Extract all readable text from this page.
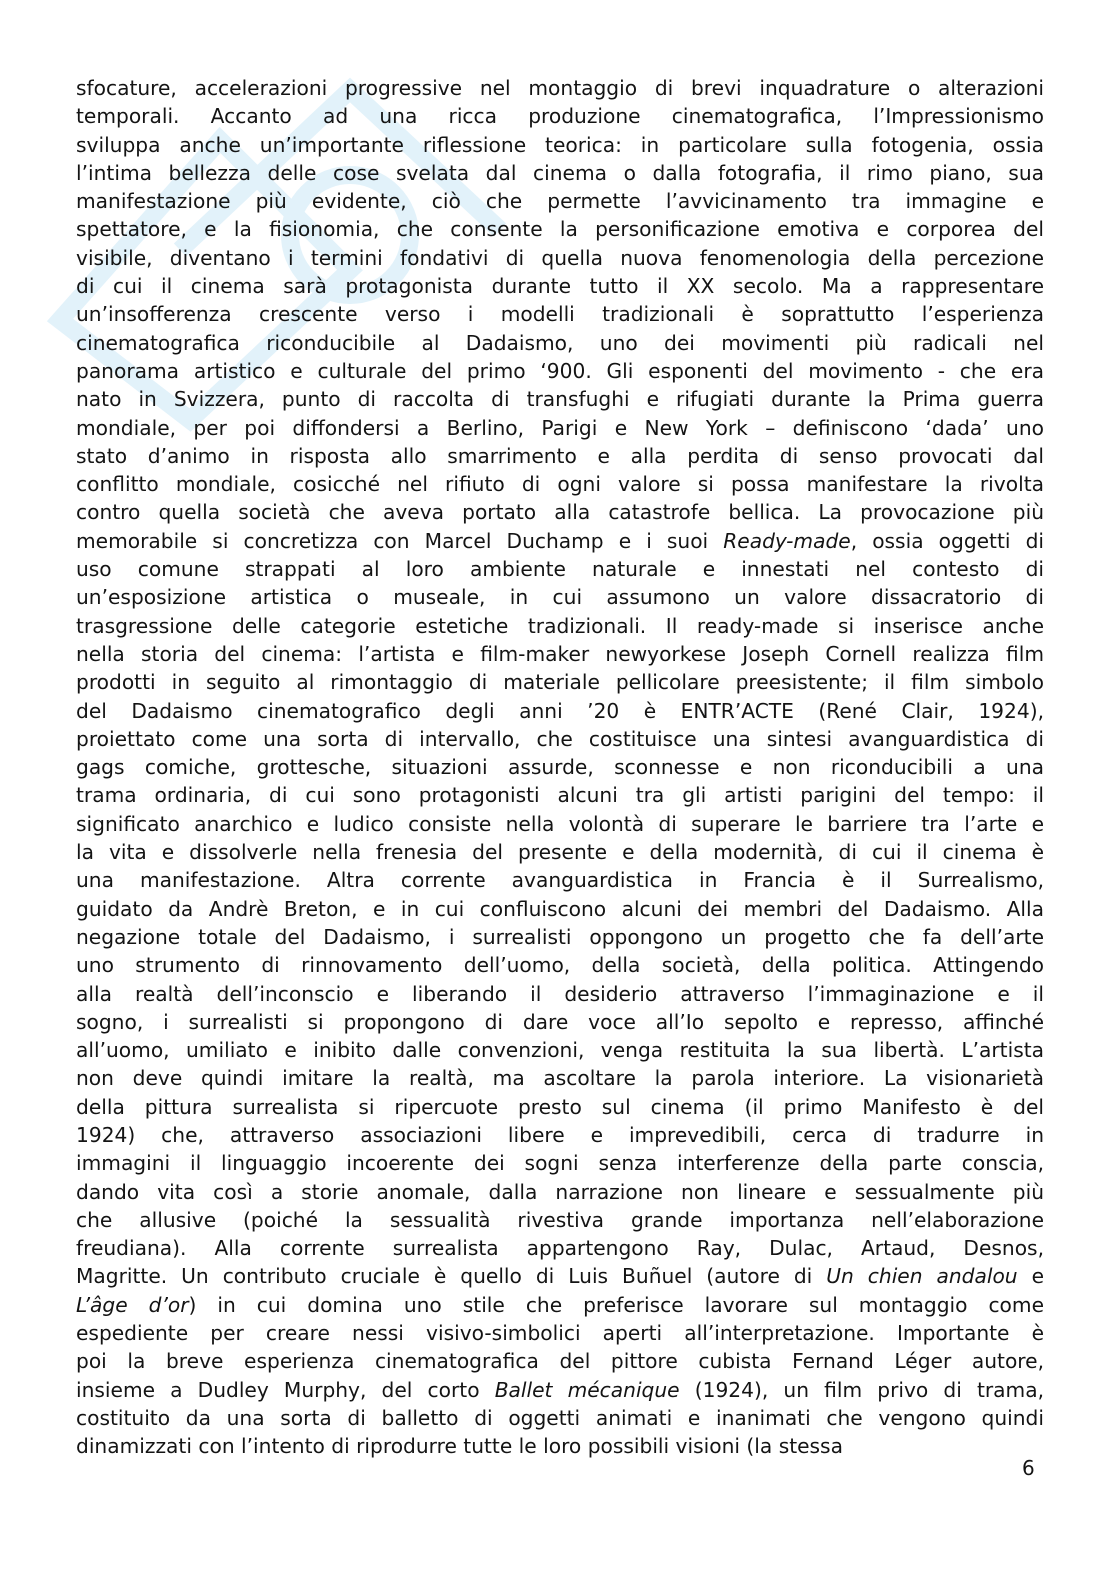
sfocature, accelerazioni progressive nel montaggio di brevi inquadrature o alterazioni
temporali. Accanto ad una ricca produzione cinematografica, l’Impressionismo
sviluppa anche un’importante riflessione teorica: in particolare sulla fotogenia, ossia
l’intima bellezza delle cose svelata dal cinema o dalla fotografia, il rimo piano, sua
manifestazione più evidente, ciò che permette l’avvicinamento tra immagine e
spettatore, e la fisionomia, che consente la personificazione emotiva e corporea del
visibile, diventano i termini fondativi di quella nuova fenomenologia della percezione
di cui il cinema sarà protagonista durante tutto il XX secolo. Ma a rappresentare
un’insofferenza crescente verso i modelli tradizionali è soprattutto l’esperienza
cinematografica riconducibile al Dadaismo, uno dei movimenti più radicali nel
panorama artistico e culturale del primo ‘900. Gli esponenti del movimento - che era
nato in Svizzera, punto di raccolta di transfughi e rifugiati durante la Prima guerra
mondiale, per poi diffondersi a Berlino, Parigi e New York – definiscono ‘dada’ uno
stato d’animo in risposta allo smarrimento e alla perdita di senso provocati dal
conflitto mondiale, cosicché nel rifiuto di ogni valore si possa manifestare la rivolta
contro quella società che aveva portato alla catastrofe bellica. La provocazione più
memorabile si concretizza con Marcel Duchamp e i suoi Ready-made, ossia oggetti di
uso comune strappati al loro ambiente naturale e innestati nel contesto di
un’esposizione artistica o museale, in cui assumono un valore dissacratorio di
trasgressione delle categorie estetiche tradizionali. Il ready-made si inserisce anche
nella storia del cinema: l’artista e film-maker newyorkese Joseph Cornell realizza film
prodotti in seguito al rimontaggio di materiale pellicolare preesistente; il film simbolo
del Dadaismo cinematografico degli anni ’20 è ENTR’ACTE (René Clair, 1924),
proiettato come una sorta di intervallo, che costituisce una sintesi avanguardistica di
gags comiche, grottesche, situazioni assurde, sconnesse e non riconducibili a una
trama ordinaria, di cui sono protagonisti alcuni tra gli artisti parigini del tempo: il
significato anarchico e ludico consiste nella volontà di superare le barriere tra l’arte e
la vita e dissolverle nella frenesia del presente e della modernità, di cui il cinema è
una manifestazione. Altra corrente avanguardistica in Francia è il Surrealismo,
guidato da Andrè Breton, e in cui confluiscono alcuni dei membri del Dadaismo. Alla
negazione totale del Dadaismo, i surrealisti oppongono un progetto che fa dell’arte
uno strumento di rinnovamento dell’uomo, della società, della politica. Attingendo
alla realtà dell’inconscio e liberando il desiderio attraverso l’immaginazione e il
sogno, i surrealisti si propongono di dare voce all’Io sepolto e represso, affinché
all’uomo, umiliato e inibito dalle convenzioni, venga restituita la sua libertà. L’artista
non deve quindi imitare la realtà, ma ascoltare la parola interiore. La visionarietà
della pittura surrealista si ripercuote presto sul cinema (il primo Manifesto è del
1924) che, attraverso associazioni libere e imprevedibili, cerca di tradurre in
immagini il linguaggio incoerente dei sogni senza interferenze della parte conscia,
dando vita così a storie anomale, dalla narrazione non lineare e sessualmente più
che allusive (poiché la sessualità rivestiva grande importanza nell’elaborazione
freudiana). Alla corrente surrealista appartengono Ray, Dulac, Artaud, Desnos,
Magritte. Un contributo cruciale è quello di Luis Buñuel (autore di Un chien andalou e
L’âge d’or) in cui domina uno stile che preferisce lavorare sul montaggio come
espediente per creare nessi visivo-simbolici aperti all’interpretazione. Importante è
poi la breve esperienza cinematografica del pittore cubista Fernand Léger autore,
insieme a Dudley Murphy, del corto Ballet mécanique (1924), un film privo di trama,
costituito da una sorta di balletto di oggetti animati e inanimati che vengono quindi
dinamizzati con l’intento di riprodurre tutte le loro possibili visioni (la stessa
6
